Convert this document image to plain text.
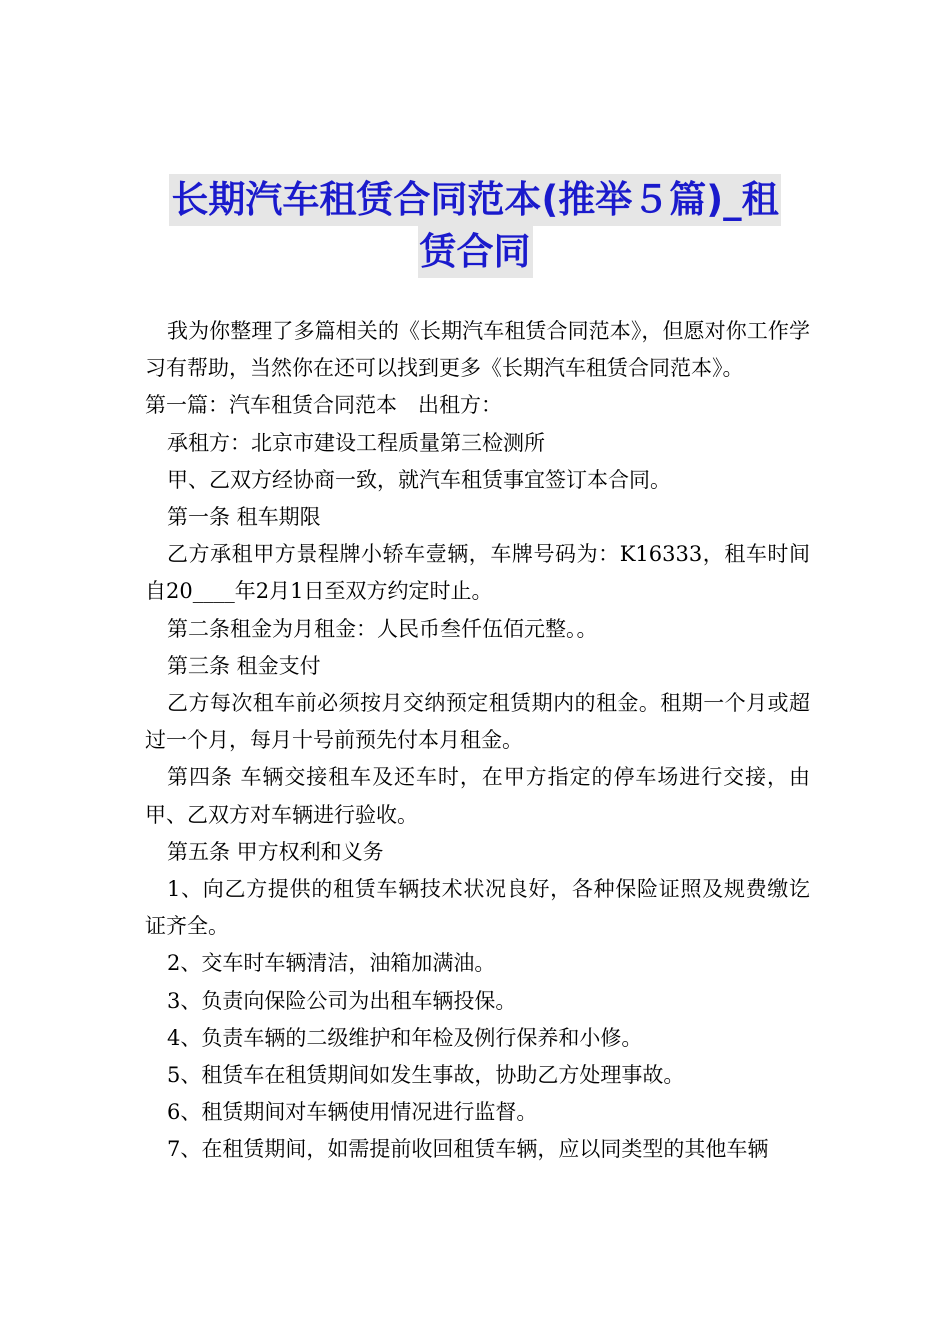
长期汽车租赁合同范本(推举５篇)_租
赁合同

我为你整理了多篇相关的《长期汽车租赁合同范本》，但愿对你工作学习有帮助，当然你在还可以找到更多《长期汽车租赁合同范本》。

第一篇：汽车租赁合同范本　出租方：

承租方：北京市建设工程质量第三检测所

甲、乙双方经协商一致，就汽车租赁事宜签订本合同。

第一条 租车期限

乙方承租甲方景程牌小轿车壹辆，车牌号码为：K16333，租车时间自20____年2月1日至双方约定时止。

第二条租金为月租金：人民币叁仟伍佰元整。。

第三条 租金支付

乙方每次租车前必须按月交纳预定租赁期内的租金。租期一个月或超过一个月，每月十号前预先付本月租金。

第四条 车辆交接租车及还车时，在甲方指定的停车场进行交接，由甲、乙双方对车辆进行验收。

第五条 甲方权利和义务

1、向乙方提供的租赁车辆技术状况良好，各种保险证照及规费缴讫证齐全。

2、交车时车辆清洁，油箱加满油。

3、负责向保险公司为出租车辆投保。

4、负责车辆的二级维护和年检及例行保养和小修。

5、租赁车在租赁期间如发生事故，协助乙方处理事故。

6、租赁期间对车辆使用情况进行监督。

7、在租赁期间，如需提前收回租赁车辆，应以同类型的其他车辆
